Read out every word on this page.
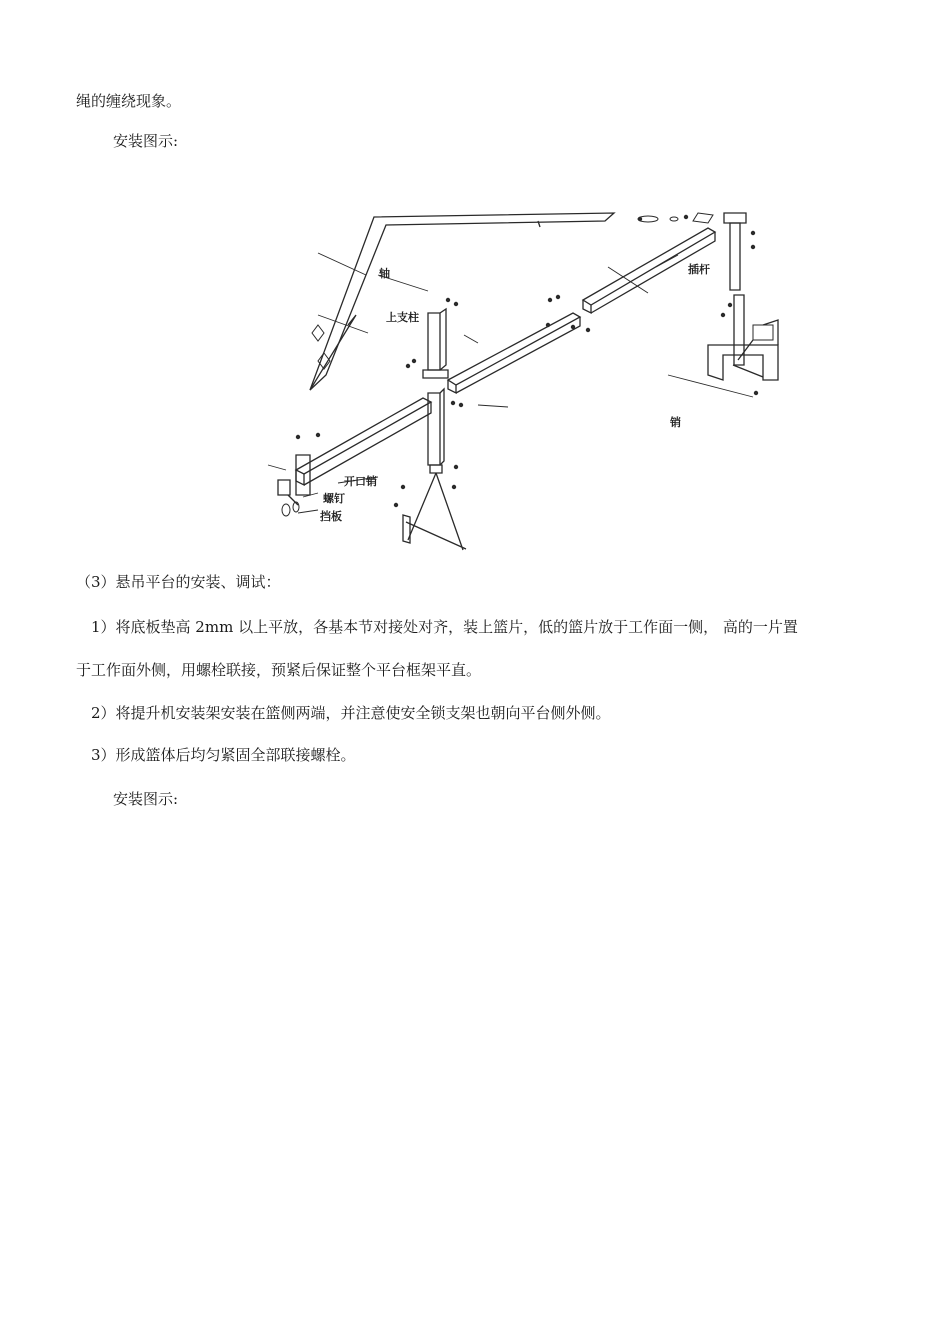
绳的缠绕现象。
安装图示:
轴
上支柱
插杆
销
开口销
螺钉
挡板
（3）悬吊平台的安装、调试：
1）将底板垫高 2mm 以上平放，各基本节对接处对齐，装上篮片，低的篮片放于工作面一侧， 高的一片置
于工作面外侧，用螺栓联接，预紧后保证整个平台框架平直。
2）将提升机安装架安装在篮侧两端，并注意使安全锁支架也朝向平台侧外侧。
3）形成篮体后均匀紧固全部联接螺栓。
安装图示:
